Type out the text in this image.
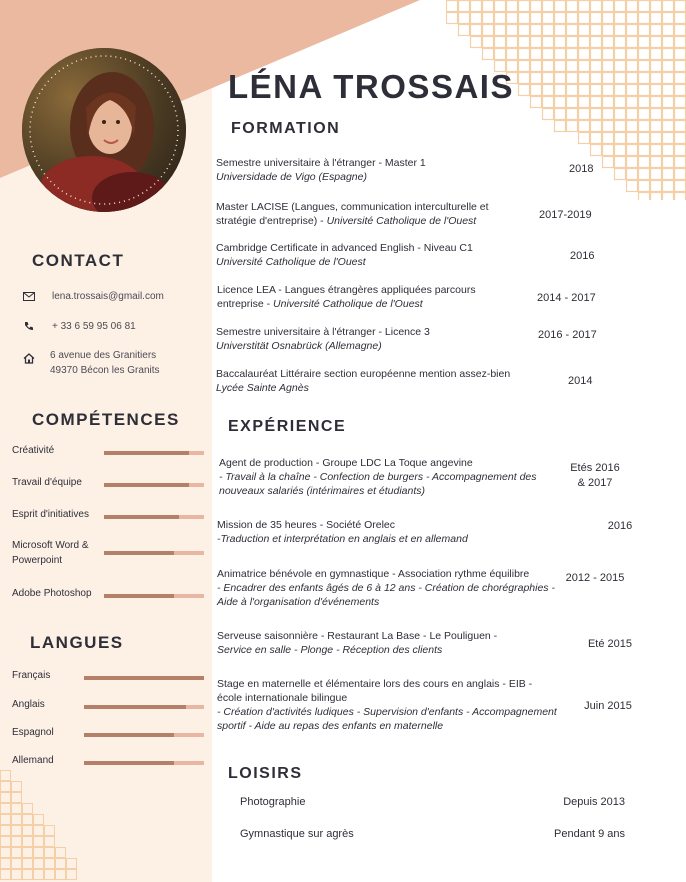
LÉNA TROSSAIS
CONTACT
lena.trossais@gmail.com
+ 33 6 59 95 06 81
6 avenue des Granitiers
49370 Bécon les Granits
COMPÉTENCES
Créativité
Travail d'équipe
Esprit d'initiatives
Microsoft Word & Powerpoint
Adobe Photoshop
LANGUES
Français
Anglais
Espagnol
Allemand
FORMATION
Semestre universitaire à l'étranger - Master 1
Universidade de Vigo (Espagne)
2018
Master LACISE (Langues, communication interculturelle et
stratégie d'entreprise) - Université Catholique de l'Ouest	2017-2019
Cambridge Certificate in advanced English - Niveau C1
Université Catholique de l'Ouest	2016
Licence LEA - Langues étrangères appliquées parcours
entreprise - Université Catholique de l'Ouest	2014 - 2017
Semestre universitaire à l'étranger - Licence 3
Universtität Osnabrück (Allemagne)
2016 - 2017
Baccalauréat Littéraire section européenne mention assez-bien
Lycée Sainte Agnès
2014
EXPÉRIENCE
Agent de production - Groupe LDC La Toque angevine
- Travail à la chaîne - Confection de burgers - Accompagnement des
nouveaux salariés (intérimaires et étudiants)
Etés 2016
& 2017
Mission de 35 heures - Société Orelec
-Traduction et interprétation en anglais et en allemand
2016
Animatrice bénévole en gymnastique - Association rythme équilibre
- Encadrer des enfants âgés de 6 à 12 ans - Création de chorégraphies -
Aide à l'organisation d'événements
2012 - 2015
Serveuse saisonnière - Restaurant La Base - Le Pouliguen -
Service en salle - Plonge - Réception des clients	Eté 2015
Stage en maternelle et élémentaire lors des cours en anglais - EIB -
école internationale bilingue
- Création d'activités ludiques - Supervision d'enfants - Accompagnement
sportif - Aide au repas des enfants en maternelle
Juin 2015
LOISIRS
Photographie	Depuis 2013
Gymnastique sur agrès	Pendant 9 ans
